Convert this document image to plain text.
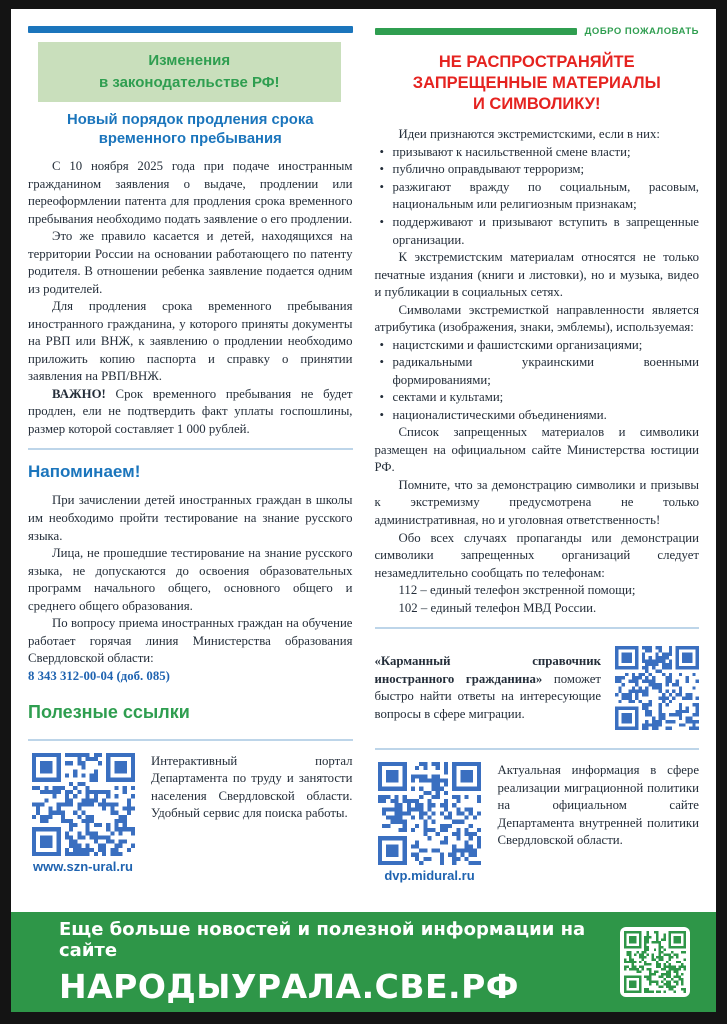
Изменения
в законодательстве РФ!
Новый порядок продления срока временного пребывания

С 10 ноября 2025 года при подаче иностранным гражданином заявления о выдаче, продлении или переоформлении патента для продления срока временного пребывания необходимо подать заявление о его продлении.

Это же правило касается и детей, находящихся на территории России на основании работающего по патенту родителя. В отношении ребенка заявление подается одним из родителей.

Для продления срока временного пребывания иностранного гражданина, у которого приняты документы на РВП или ВНЖ, к заявлению о продлении необходимо приложить копию паспорта и справку о принятии заявления на РВП/ВНЖ.

ВАЖНО! Срок временного пребывания не будет продлен, ели не подтвердить факт уплаты госпошлины, размер которой составляет 1 000 рублей.

Напоминаем!

При зачислении детей иностранных граждан в школы им необходимо пройти тестирование на знание русского языка.

Лица, не прошедшие тестирование на знание русского языка, не допускаются до освоения образовательных программ начального общего, основного общего и среднего общего образования.

По вопросу приема иностранных граждан на обучение работает горячая линия Министерства образования Свердловской области:

8 343 312-00-04 (доб. 085)

Полезные ссылки
www.szn-ural.ru

Интерактивный портал Департамента по труду и занятости населения Свердловской области. Удобный сервис для поиска работы.

ДОБРО ПОЖАЛОВАТЬ
НЕ РАСПРОСТРАНЯЙТЕ
ЗАПРЕЩЕННЫЕ МАТЕРИАЛЫ
И СИМВОЛИКУ!

Идеи признаются экстремистскими, если в них:

• призывают к насильственной смене власти;
• публично оправдывают терроризм;
• разжигают вражду по социальным, расовым, национальным или религиозным признакам;
• поддерживают и призывают вступить в запрещенные организации.

К экстремистским материалам относятся не только печатные издания (книги и листовки), но и музыка, видео и публикации в социальных сетях.

Символами экстремисткой направленности является атрибутика (изображения, знаки, эмблемы), используемая:

• нацистскими и фашистскими организациями;
• радикальными украинскими военными формированиями;
• сектами и культами;
• националистическими объединениями.

Список запрещенных материалов и символики размещен на официальном сайте Министерства юстиции РФ.

Помните, что за демонстрацию символики и призывы к экстремизму предусмотрена не только административная, но и уголовная ответственность!

Обо всех случаях пропаганды или демонстрации символики запрещенных организаций следует незамедлительно сообщать по телефонам:

112 – единый телефон экстренной помощи;

102 – единый телефон МВД России.

«Карманный справочник иностранного гражданина» поможет быстро найти ответы на интересующие вопросы в сфере миграции.

dvp.midural.ru

Актуальная информация в сфере реализации миграционной политики на официальном сайте Департамента внутренней политики Свердловской области.

Еще больше новостей и полезной информации на сайте
НАРОДЫУРАЛА.СВЕ.РФ
